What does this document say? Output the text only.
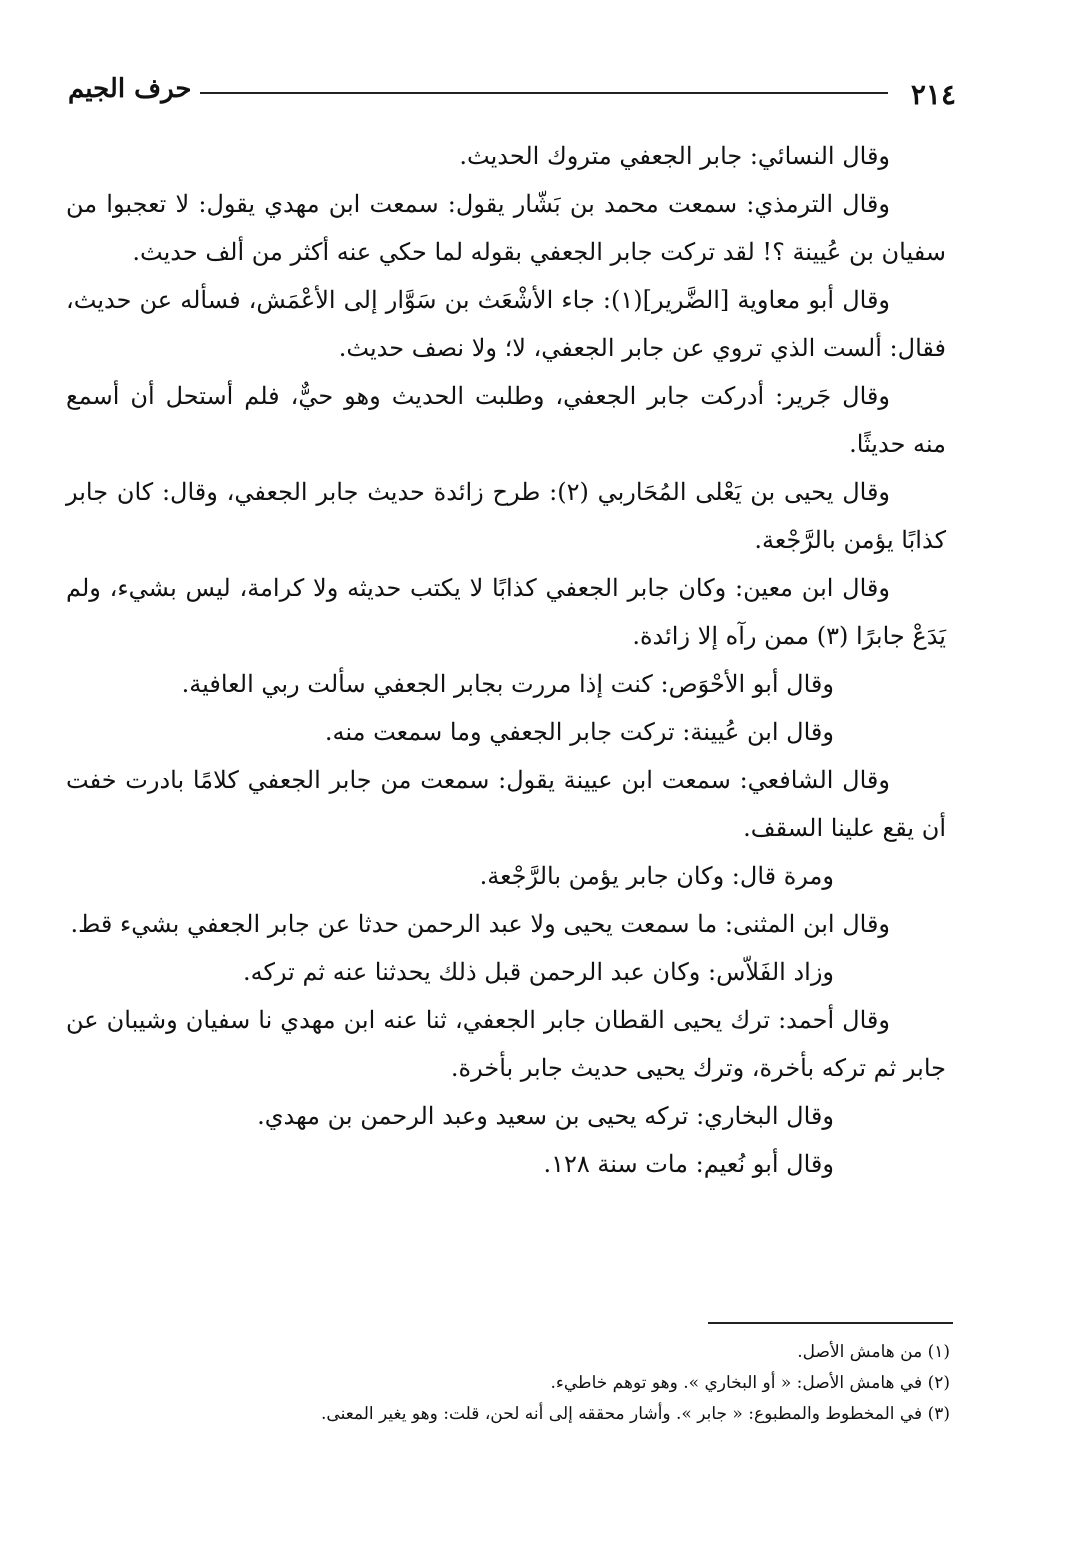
٢١٤
حرف الجيم

وقال النسائي: جابر الجعفي متروك الحديث.

وقال الترمذي: سمعت محمد بن بَشّار يقول: سمعت ابن مهدي يقول: لا تعجبوا من سفيان بن عُيينة ؟! لقد تركت جابر الجعفي بقوله لما حكي عنه أكثر من ألف حديث.

وقال أبو معاوية [الضَّرير](١): جاء الأشْعَث بن سَوَّار إلى الأعْمَش، فسأله عن حديث، فقال: ألست الذي تروي عن جابر الجعفي، لا؛ ولا نصف حديث.

وقال جَرير: أدركت جابر الجعفي، وطلبت الحديث وهو حيٌّ، فلم أستحل أن أسمع منه حديثًا.

وقال يحيى بن يَعْلى المُحَاربي (٢): طرح زائدة حديث جابر الجعفي، وقال: كان جابر كذابًا يؤمن بالرَّجْعة.

وقال ابن معين: وكان جابر الجعفي كذابًا لا يكتب حديثه ولا كرامة، ليس بشيء، ولم يَدَعْ جابرًا (٣) ممن رآه إلا زائدة.

وقال أبو الأحْوَص: كنت إذا مررت بجابر الجعفي سألت ربي العافية.

وقال ابن عُيينة: تركت جابر الجعفي وما سمعت منه.

وقال الشافعي: سمعت ابن عيينة يقول: سمعت من جابر الجعفي كلامًا بادرت خفت أن يقع علينا السقف.

ومرة قال: وكان جابر يؤمن بالرَّجْعة.

وقال ابن المثنى: ما سمعت يحيى ولا عبد الرحمن حدثا عن جابر الجعفي بشيء قط.

وزاد الفَلاّس: وكان عبد الرحمن قبل ذلك يحدثنا عنه ثم تركه.

وقال أحمد: ترك يحيى القطان جابر الجعفي، ثنا عنه ابن مهدي نا سفيان وشيبان عن جابر ثم تركه بأخرة، وترك يحيى حديث جابر بأخرة.

وقال البخاري: تركه يحيى بن سعيد وعبد الرحمن بن مهدي.

وقال أبو نُعيم: مات سنة ١٢٨.

(١) من هامش الأصل.

(٢) في هامش الأصل: « أو البخاري ». وهو توهم خاطيء.

(٣) في المخطوط والمطبوع: « جابر ». وأشار محققه إلى أنه لحن، قلت: وهو يغير المعنى.
